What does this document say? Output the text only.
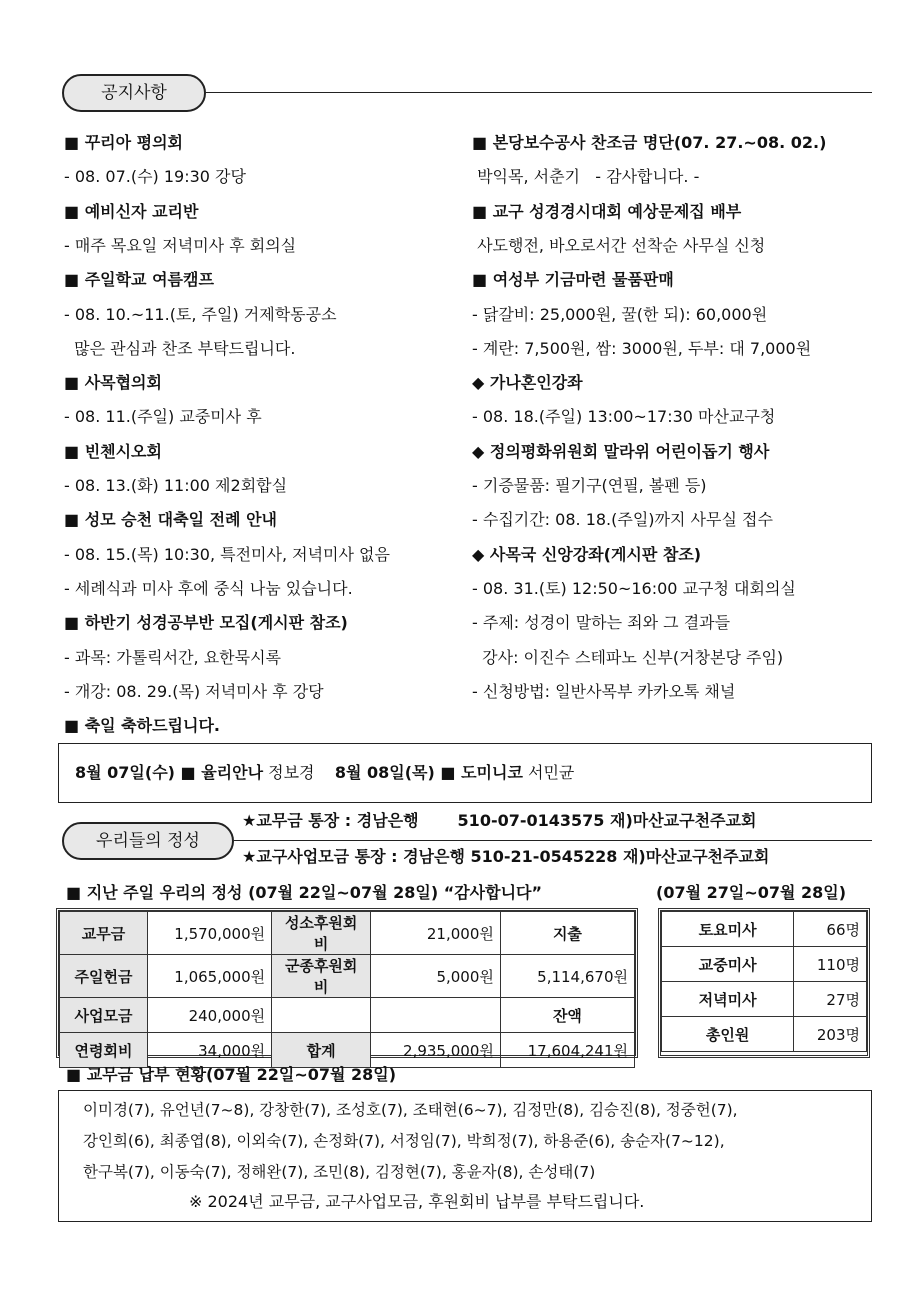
공지사항
■ 꾸리아 평의회
- 08. 07.(수) 19:30 강당
■ 예비신자 교리반
- 매주 목요일 저녁미사 후 회의실
■ 주일학교 여름캠프
- 08. 10.~11.(토, 주일) 거제학동공소
많은 관심과 찬조 부탁드립니다.
■ 사목협의회
- 08. 11.(주일) 교중미사 후
■ 빈첸시오회
- 08. 13.(화) 11:00 제2회합실
■ 성모 승천 대축일 전례 안내
- 08. 15.(목) 10:30, 특전미사, 저녁미사 없음
- 세례식과 미사 후에 중식 나눔 있습니다.
■ 하반기 성경공부반 모집(게시판 참조)
- 과목: 가톨릭서간, 요한묵시록
- 개강: 08. 29.(목) 저녁미사 후 강당
■ 축일 축하드립니다.
■ 본당보수공사 찬조금 명단(07. 27.~08. 02.)
박익목, 서춘기   - 감사합니다. -
■ 교구 성경경시대회 예상문제집 배부
사도행전, 바오로서간 선착순 사무실 신청
■ 여성부 기금마련 물품판매
- 닭갈비: 25,000원, 꿀(한 되): 60,000원
- 계란: 7,500원, 쌈: 3000원, 두부: 대 7,000원
◆ 가나혼인강좌
- 08. 18.(주일) 13:00~17:30 마산교구청
◆ 정의평화위원회 말라위 어린이돕기 행사
- 기증물품: 필기구(연필, 볼펜 등)
- 수집기간: 08. 18.(주일)까지 사무실 접수
◆ 사목국 신앙강좌(게시판 참조)
- 08. 31.(토) 12:50~16:00 교구청 대회의실
- 주제: 성경이 말하는 죄와 그 결과들
강사: 이진수 스테파노 신부(거창본당 주임)
- 신청방법: 일반사목부 카카오톡 채널
8월 07일(수) ■ 율리안나 정보경 8월 08일(목) ■ 도미니코 서민균
우리들의 정성
★교무금 통장 : 경남은행       510-07-0143575 재)마산교구천주교회
★교구사업모금 통장 : 경남은행 510-21-0545228 재)마산교구천주교회
■ 지난 주일 우리의 정성 (07월 22일~07월 28일) “감사합니다”	(07월 27일~07월 28일)
교무금	1,570,000원	성소후원회비	21,000원	지출
주일헌금	1,065,000원	군종후원회비	5,000원	5,114,670원
사업모금	240,000원			잔액
연령회비	34,000원	합계	2,935,000원	17,604,241원
토요미사	66명
교중미사	110명
저녁미사	27명
총인원	203명
■ 교무금 납부 현황(07월 22일~07월 28일)
이미경(7), 유언년(7~8), 강창한(7), 조성호(7), 조태현(6~7), 김정만(8), 김승진(8), 정중헌(7),
강인희(6), 최종엽(8), 이외숙(7), 손정화(7), 서정임(7), 박희정(7), 하용준(6), 송순자(7~12),
한구복(7), 이동숙(7), 정해완(7), 조민(8), 김정현(7), 홍윤자(8), 손성태(7)
※ 2024년 교무금, 교구사업모금, 후원회비 납부를 부탁드립니다.
